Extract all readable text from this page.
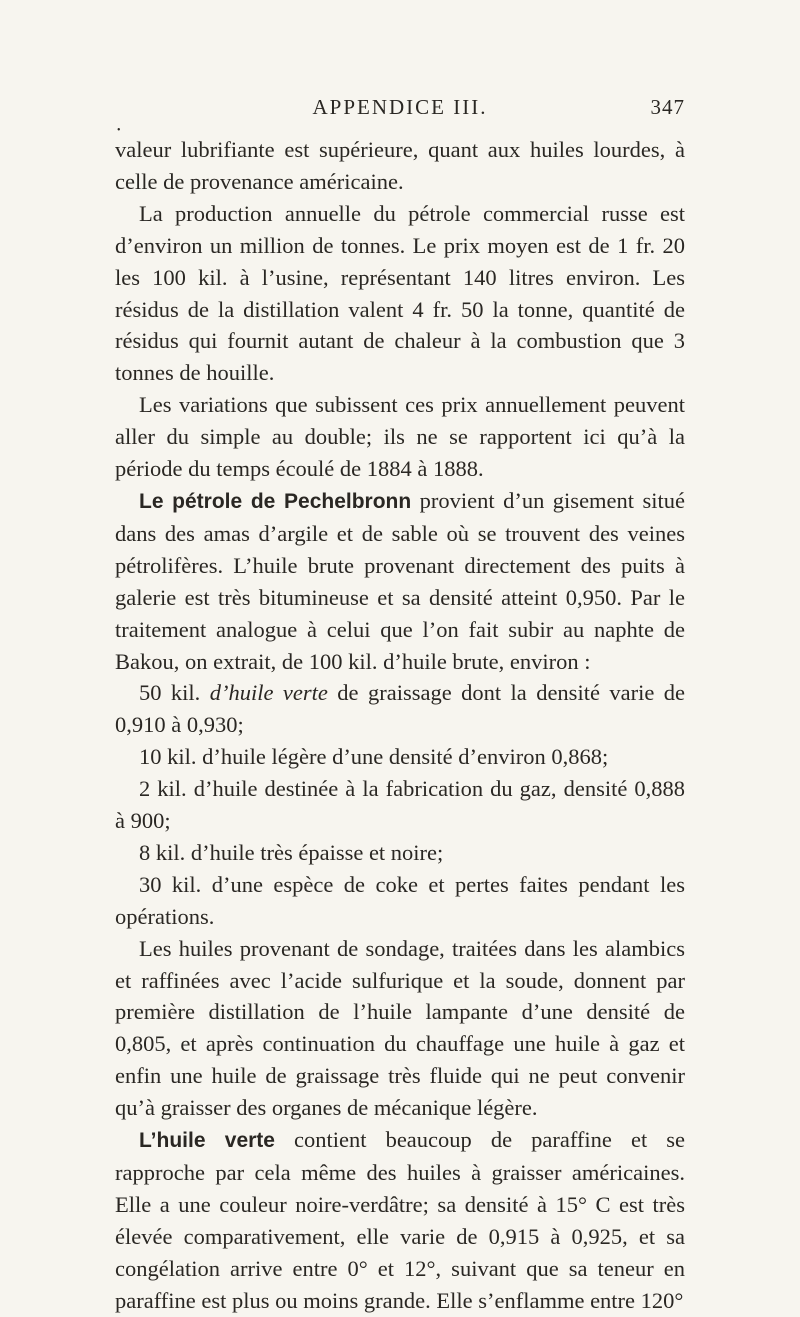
APPENDICE III.	347
•

valeur lubrifiante est supérieure, quant aux huiles lourdes, à celle de provenance américaine.

La production annuelle du pétrole commercial russe est d’environ un million de tonnes. Le prix moyen est de 1 fr. 20 les 100 kil. à l’usine, représentant 140 litres environ. Les résidus de la distillation valent 4 fr. 50 la tonne, quantité de résidus qui fournit autant de chaleur à la combustion que 3 tonnes de houille.

Les variations que subissent ces prix annuellement peuvent aller du simple au double; ils ne se rapportent ici qu’à la période du temps écoulé de 1884 à 1888.

Le pétrole de Pechelbronn provient d’un gisement situé dans des amas d’argile et de sable où se trouvent des veines pétrolifères. L’huile brute provenant directement des puits à galerie est très bitumineuse et sa densité atteint 0,950. Par le traitement analogue à celui que l’on fait subir au naphte de Bakou, on extrait, de 100 kil. d’huile brute, environ :

50 kil. d’huile verte de graissage dont la densité varie de 0,910 à 0,930;

10 kil. d’huile légère d’une densité d’environ 0,868;

2 kil. d’huile destinée à la fabrication du gaz, densité 0,888 à 900;

8 kil. d’huile très épaisse et noire;

30 kil. d’une espèce de coke et pertes faites pendant les opérations.

Les huiles provenant de sondage, traitées dans les alambics et raffinées avec l’acide sulfurique et la soude, donnent par première distillation de l’huile lampante d’une densité de 0,805, et après continuation du chauffage une huile à gaz et enfin une huile de graissage très fluide qui ne peut convenir qu’à graisser des organes de mécanique légère.

L’huile verte contient beaucoup de paraffine et se rapproche par cela même des huiles à graisser américaines. Elle a une couleur noire-verdâtre; sa densité à 15° C est très élevée comparativement, elle varie de 0,915 à 0,925, et sa congélation arrive entre 0° et 12°, suivant que sa teneur en paraffine est plus ou moins grande. Elle s’enflamme entre 120°
